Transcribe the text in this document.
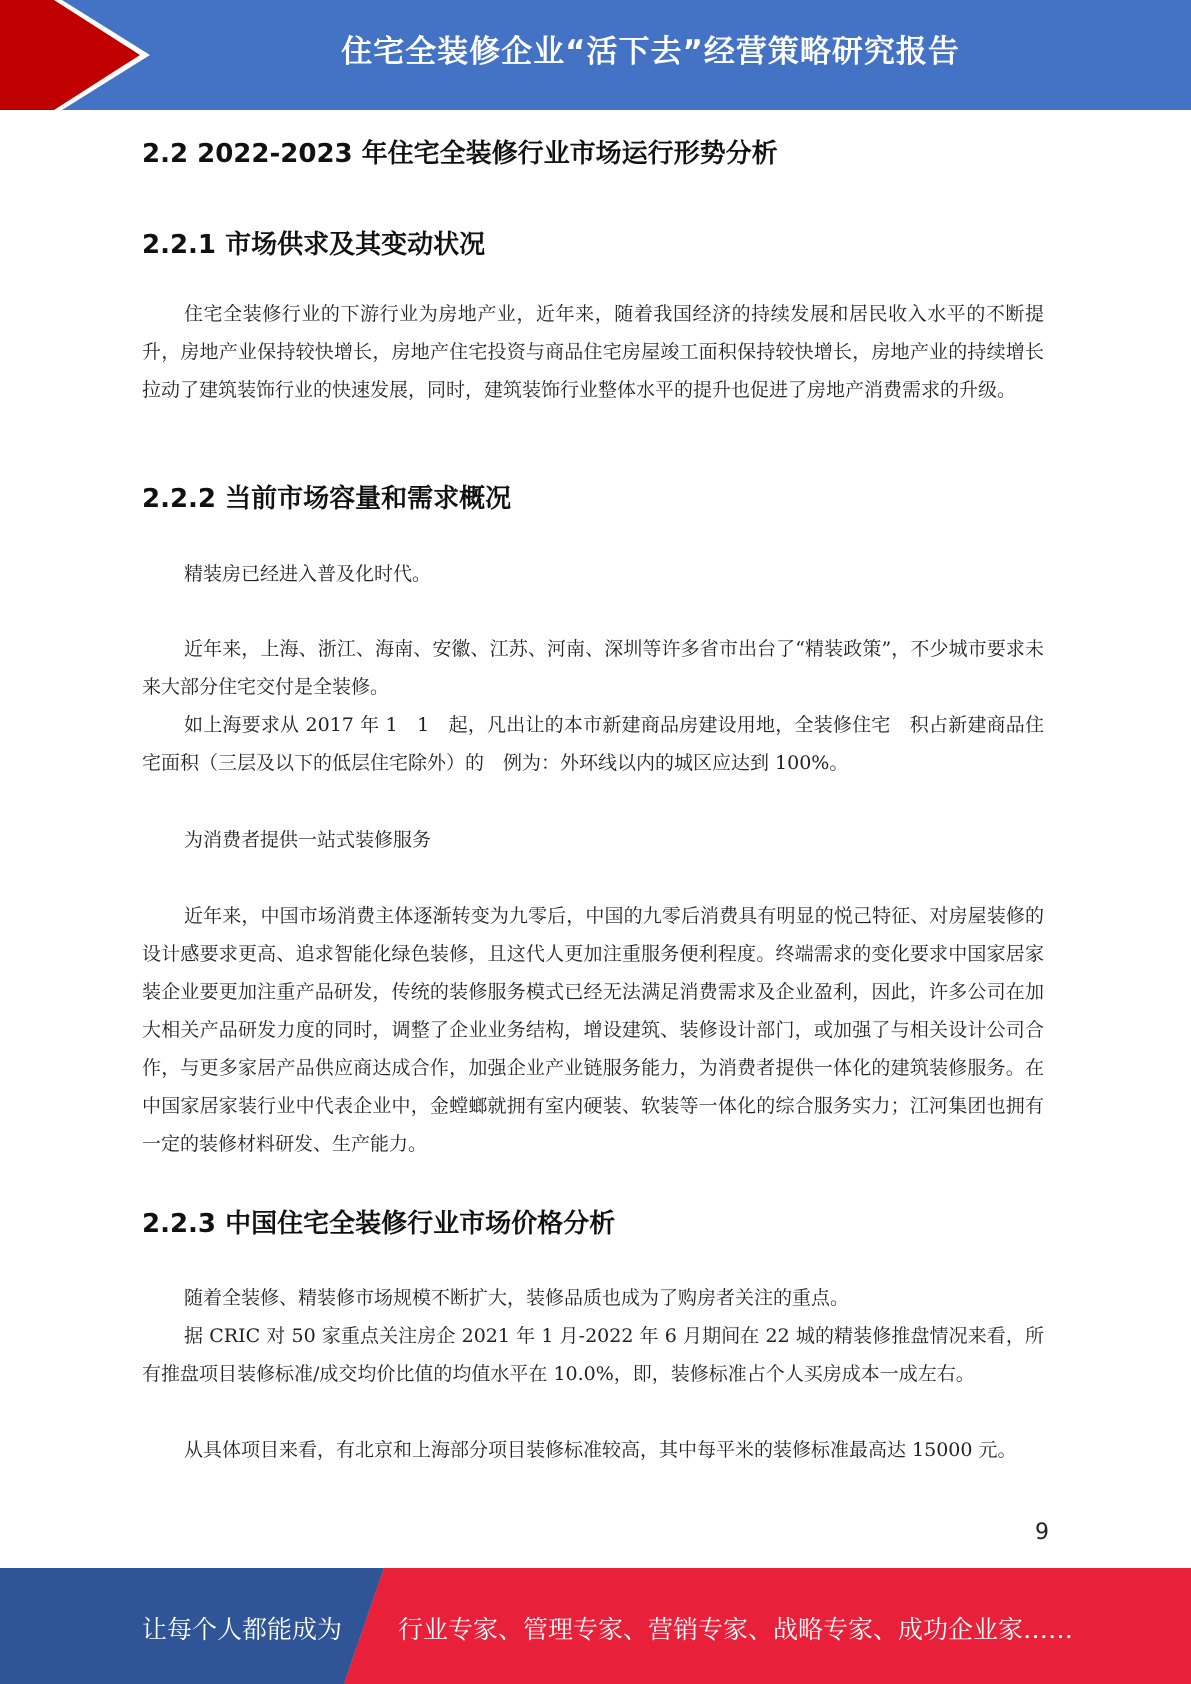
住宅全装修企业“活下去”经营策略研究报告
2.2 2022-2023 年住宅全装修行业市场运行形势分析
2.2.1 市场供求及其变动状况

住宅全装修行业的下游行业为房地产业，近年来，随着我国经济的持续发展和居民收入水平的不断提升，房地产业保持较快增长，房地产住宅投资与商品住宅房屋竣工面积保持较快增长，房地产业的持续增长拉动了建筑装饰行业的快速发展，同时，建筑装饰行业整体水平的提升也促进了房地产消费需求的升级。

2.2.2 当前市场容量和需求概况

精装房已经进入普及化时代。

近年来，上海、浙江、海南、安徽、江苏、河南、深圳等许多省市出台了“精装政策”，不少城市要求未来大部分住宅交付是全装修。

如上海要求从 2017 年 1　1　起，凡出让的本市新建商品房建设用地，全装修住宅　积占新建商品住宅面积（三层及以下的低层住宅除外）的　例为：外环线以内的城区应达到 100%。

为消费者提供一站式装修服务

近年来，中国市场消费主体逐渐转变为九零后，中国的九零后消费具有明显的悦己特征、对房屋装修的设计感要求更高、追求智能化绿色装修，且这代人更加注重服务便利程度。终端需求的变化要求中国家居家装企业要更加注重产品研发，传统的装修服务模式已经无法满足消费需求及企业盈利，因此，许多公司在加大相关产品研发力度的同时，调整了企业业务结构，增设建筑、装修设计部门，或加强了与相关设计公司合作，与更多家居产品供应商达成合作，加强企业产业链服务能力，为消费者提供一体化的建筑装修服务。在中国家居家装行业中代表企业中，金螳螂就拥有室内硬装、软装等一体化的综合服务实力；江河集团也拥有一定的装修材料研发、生产能力。

2.2.3 中国住宅全装修行业市场价格分析

随着全装修、精装修市场规模不断扩大，装修品质也成为了购房者关注的重点。

据 CRIC 对 50 家重点关注房企 2021 年 1 月-2022 年 6 月期间在 22 城的精装修推盘情况来看，所有推盘项目装修标准/成交均价比值的均值水平在 10.0%，即，装修标准占个人买房成本一成左右。

从具体项目来看，有北京和上海部分项目装修标准较高，其中每平米的装修标准最高达 15000 元。

9
让每个人都能成为 行业专家、管理专家、营销专家、战略专家、成功企业家……
